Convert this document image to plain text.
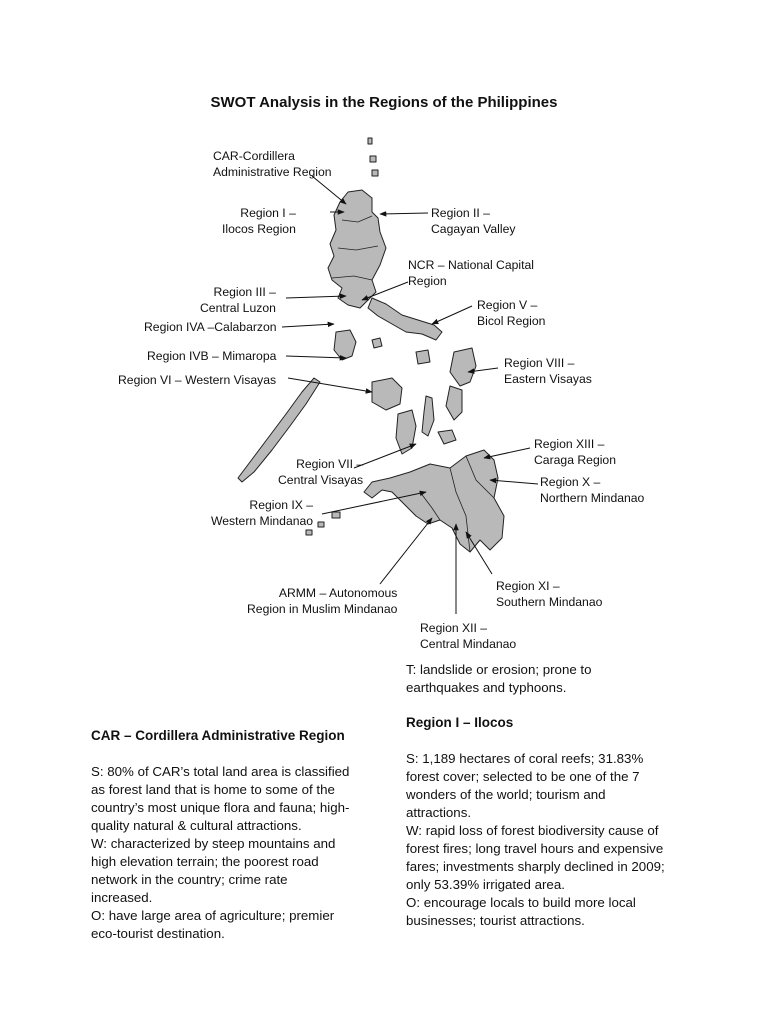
SWOT Analysis in the Regions of the Philippines
CAR-Cordillera
Administrative Region
Region I –
Ilocos Region
Region II –
Cagayan Valley
NCR – National Capital
Region
Region III –
Central Luzon	Region V –
Bicol Region
Region IVA –Calabarzon
Region IVB – Mimaropa	Region VIII –
Eastern Visayas
Region VI – Western Visayas
Region XIII –
Caraga Region
Region VII –
Central Visayas	Region X –
Northern Mindanao
Region IX –
Western Mindanao
ARMM – Autonomous
Region in Muslim Mindanao
Region XI –
Southern Mindanao
Region XII –
Central Mindanao

T: landslide or erosion; prone to

earthquakes and typhoons.

CAR – Cordillera Administrative Region

S: 80% of CAR’s total land area is classified

as forest land that is home to some of the

country’s most unique flora and fauna; high-

quality natural & cultural attractions.

W: characterized by steep mountains and

high elevation terrain; the poorest road

network in the country; crime rate

increased.

O: have large area of agriculture; premier

eco-tourist destination.

Region I – Ilocos

S: 1,189 hectares of coral reefs; 31.83%

forest cover; selected to be one of the 7

wonders of the world; tourism and

attractions.

W: rapid loss of forest biodiversity cause of

forest fires; long travel hours and expensive

fares; investments sharply declined in 2009;

only 53.39% irrigated area.

O: encourage locals to build more local

businesses; tourist attractions.
